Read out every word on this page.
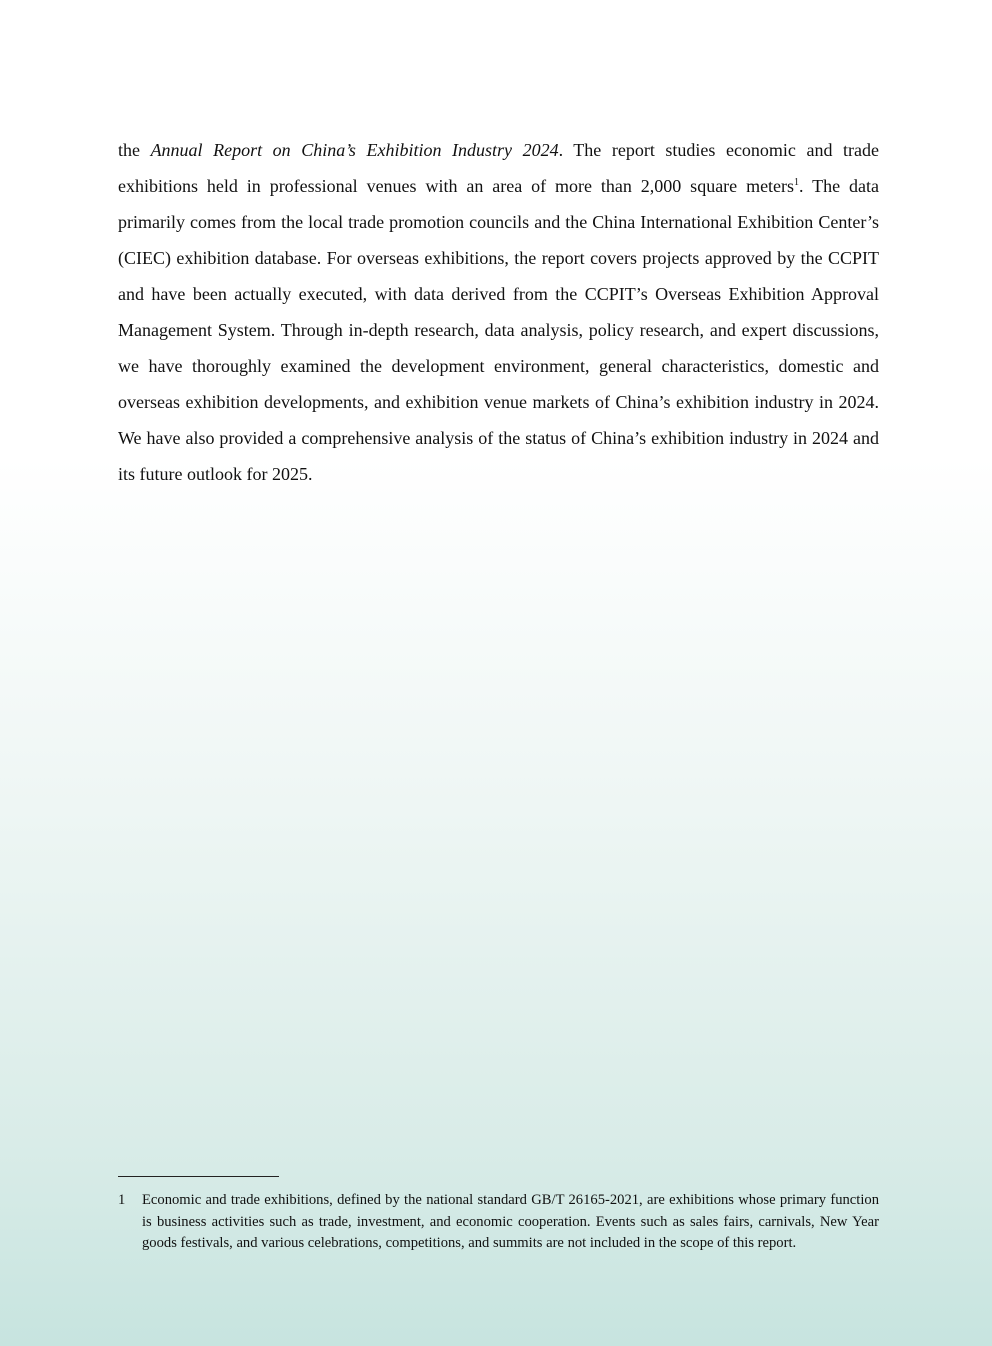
the Annual Report on China’s Exhibition Industry 2024. The report studies economic and trade exhibitions held in professional venues with an area of more than 2,000 square meters$^1$. The data primarily comes from the local trade promotion councils and the China International Exhibition Center’s (CIEC) exhibition database. For overseas exhibitions, the report covers projects approved by the CCPIT and have been actually executed, with data derived from the CCPIT’s Overseas Exhibition Approval Management System. Through in-depth research, data analysis, policy research, and expert discussions, we have thoroughly examined the development environment, general characteristics, domestic and overseas exhibition developments, and exhibition venue markets of China’s exhibition industry in 2024. We have also provided a comprehensive analysis of the status of China’s exhibition industry in 2024 and its future outlook for 2025.

1 Economic and trade exhibitions, defined by the national standard GB/T 26165-2021, are exhibitions whose primary function is business activities such as trade, investment, and economic cooperation. Events such as sales fairs, carnivals, New Year goods festivals, and various celebrations, competitions, and summits are not included in the scope of this report.
